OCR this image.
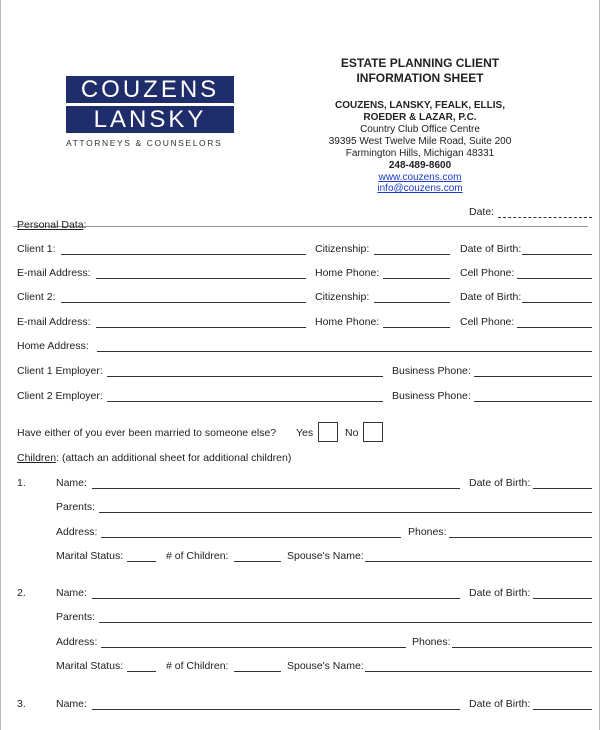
COUZENS
LANSKY
ATTORNEYS & COUNSELORS
ESTATE PLANNING CLIENT
INFORMATION SHEET
COUZENS, LANSKY, FEALK, ELLIS,
ROEDER & LAZAR, P.C.
Country Club Office Centre
39395 West Twelve Mile Road, Suite 200
Farmington Hills, Michigan 48331
248-489-8600
www.couzens.com
info@couzens.com
Date:
Personal Data:
Client 1:	Citizenship:	Date of Birth:
E-mail Address:	Home Phone:	Cell Phone:
Client 2:	Citizenship:	Date of Birth:
E-mail Address:	Home Phone:	Cell Phone:
Home Address:
Client 1 Employer:	Business Phone:
Client 2 Employer:	Business Phone:
Have either of you ever been married to someone else? Yes	No
Children: (attach an additional sheet for additional children)
1.	Name:	Date of Birth:
Parents:
Address:	Phones:
Marital Status:	# of Children:	Spouse's Name:
2.	Name:	Date of Birth:
Parents:
Address:	Phones:
Marital Status:	# of Children:	Spouse's Name:
3.	Name:	Date of Birth:
